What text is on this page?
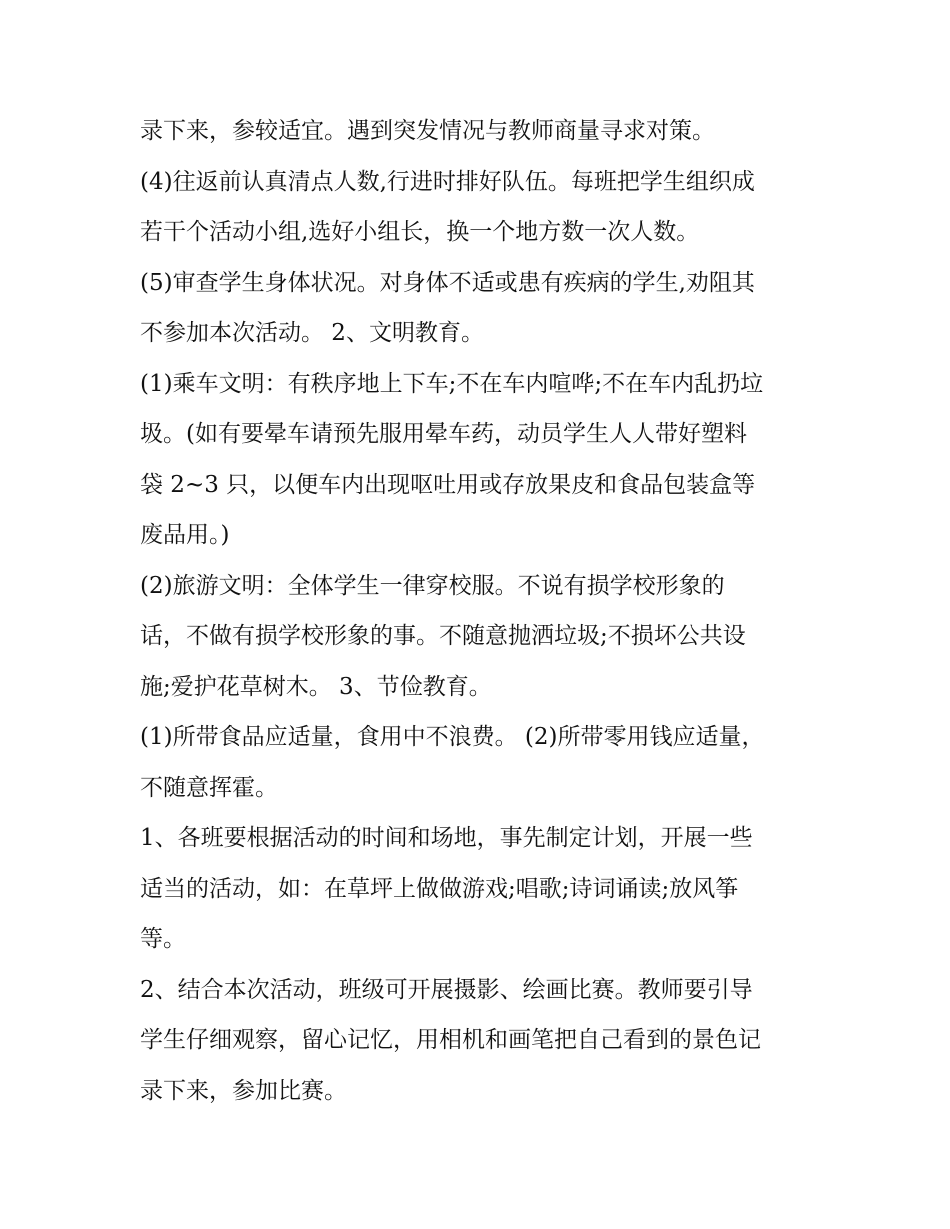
录下来，参较适宜。遇到突发情况与教师商量寻求对策。
(4)往返前认真清点人数,行进时排好队伍。每班把学生组织成
若干个活动小组,选好小组长，换一个地方数一次人数。
(5)审查学生身体状况。对身体不适或患有疾病的学生,劝阻其
不参加本次活动。 2、文明教育。
(1)乘车文明：有秩序地上下车;不在车内喧哗;不在车内乱扔垃
圾。(如有要晕车请预先服用晕车药，动员学生人人带好塑料
袋 2~3 只，以便车内出现呕吐用或存放果皮和食品包装盒等
废品用。)
(2)旅游文明：全体学生一律穿校服。不说有损学校形象的
话，不做有损学校形象的事。不随意抛洒垃圾;不损坏公共设
施;爱护花草树木。 3、节俭教育。
(1)所带食品应适量，食用中不浪费。 (2)所带零用钱应适量，
不随意挥霍。
1、各班要根据活动的时间和场地，事先制定计划，开展一些
适当的活动，如：在草坪上做做游戏;唱歌;诗词诵读;放风筝
等。
2、结合本次活动，班级可开展摄影、绘画比赛。教师要引导
学生仔细观察，留心记忆，用相机和画笔把自己看到的景色记
录下来，参加比赛。
